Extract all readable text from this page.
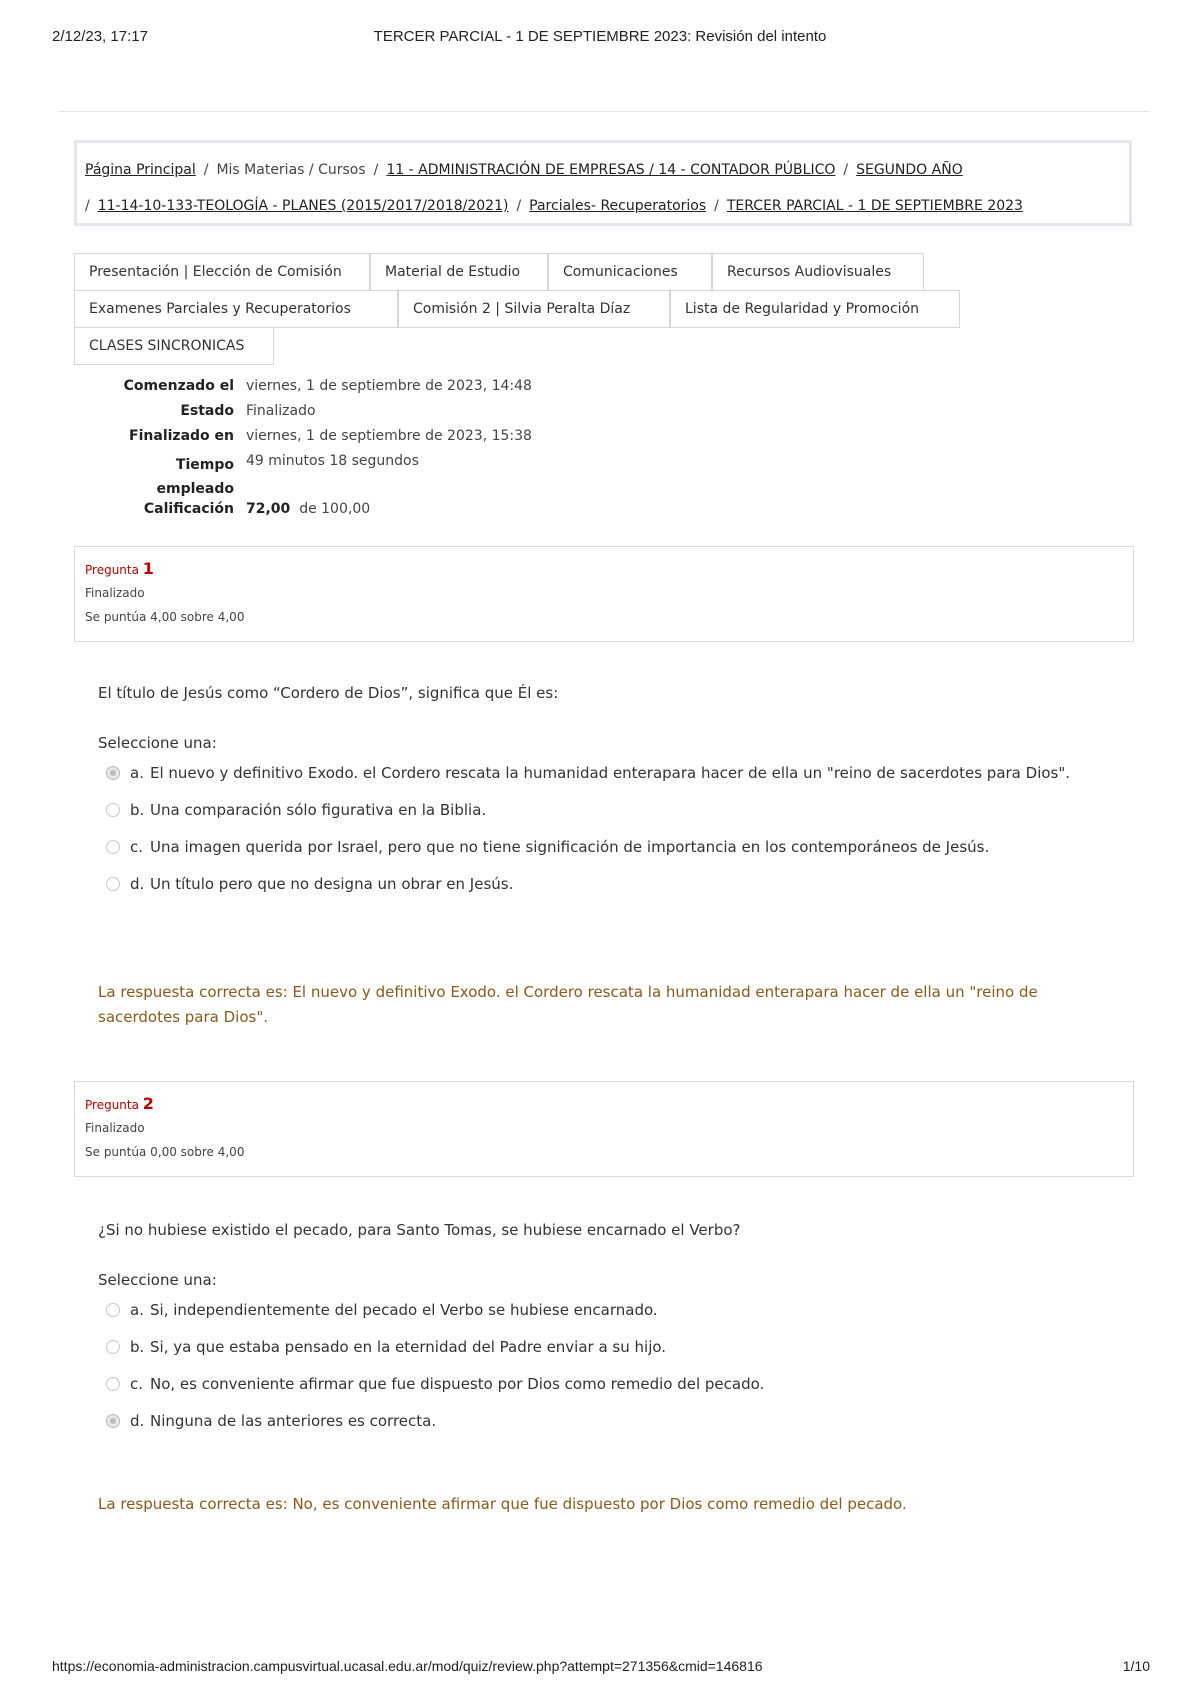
2/12/23, 17:17	TERCER PARCIAL - 1 DE SEPTIEMBRE 2023: Revisión del intento
Página Principal / Mis Materias / Cursos / 11 - ADMINISTRACIÓN DE EMPRESAS / 14 - CONTADOR PÚBLICO / SEGUNDO AÑO
/ 11-14-10-133-TEOLOGÍA - PLANES (2015/2017/2018/2021) / Parciales- Recuperatorios / TERCER PARCIAL - 1 DE SEPTIEMBRE 2023
Presentación | Elección de Comisión	Material de Estudio	Comunicaciones	Recursos Audiovisuales
Examenes Parciales y Recuperatorios	Comisión 2 | Silvia Peralta Díaz	Lista de Regularidad y Promoción
CLASES SINCRONICAS
Comenzado el viernes, 1 de septiembre de 2023, 14:48
Estado Finalizado
Finalizado en viernes, 1 de septiembre de 2023, 15:38
Tiempo
empleado
49 minutos 18 segundos
Calificación 72,00 de 100,00
Pregunta 1
Finalizado
Se puntúa 4,00 sobre 4,00
El título de Jesús como “Cordero de Dios”, significa que Él es:
Seleccione una:
a. El nuevo y definitivo Exodo. el Cordero rescata la humanidad enterapara hacer de ella un "reino de sacerdotes para Dios".
b. Una comparación sólo figurativa en la Biblia.
c. Una imagen querida por Israel, pero que no tiene significación de importancia en los contemporáneos de Jesús.
d. Un título pero que no designa un obrar en Jesús.
La respuesta correcta es: El nuevo y definitivo Exodo. el Cordero rescata la humanidad enterapara hacer de ella un "reino de sacerdotes para Dios".
Pregunta 2
Finalizado
Se puntúa 0,00 sobre 4,00
¿Si no hubiese existido el pecado, para Santo Tomas, se hubiese encarnado el Verbo?
Seleccione una:
a. Si, independientemente del pecado el Verbo se hubiese encarnado.
b. Si, ya que estaba pensado en la eternidad del Padre enviar a su hijo.
c. No, es conveniente afirmar que fue dispuesto por Dios como remedio del pecado.
d. Ninguna de las anteriores es correcta.
La respuesta correcta es: No, es conveniente afirmar que fue dispuesto por Dios como remedio del pecado.
https://economia-administracion.campusvirtual.ucasal.edu.ar/mod/quiz/review.php?attempt=271356&cmid=146816	1/10
